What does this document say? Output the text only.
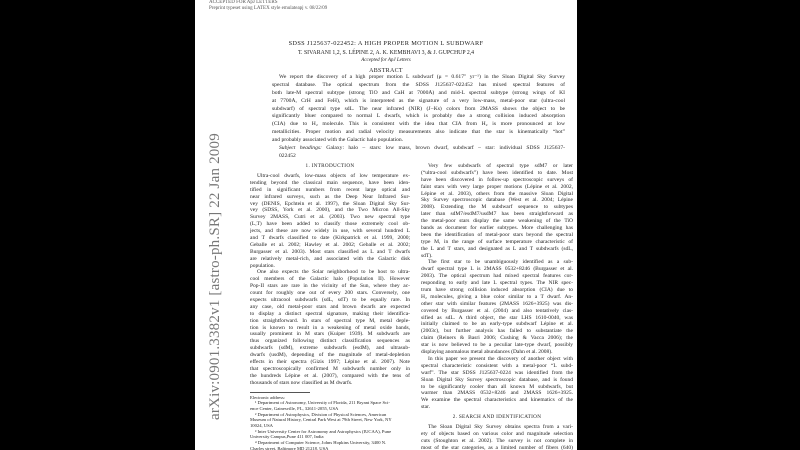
ACCEPTED FOR ApJ LETTERS
Preprint typeset using LATEX style emulateapj v. 08/22/09
arXiv:0901.3382v1 [astro-ph.SR] 22 Jan 2009
SDSS J125637-022452: A HIGH PROPER MOTION L SUBDWARF
T. SIVARANI 1,2, S. LÉPINE 2, A. K. KEMBHAVI 3, & J. GUPCHUP 2,4
Accepted for ApJ Letters
ABSTRACT
We report the discovery of a high proper motion L subdwarf (μ = 0.617″ yr⁻¹) in the Sloan Digital Sky Survey
spectral database. The optical spectrum from the SDSS J125637-022452 has mixed spectral features of
both late-M spectral subtype (strong TiO and CaH at 7000Å) and mid-L spectral subtype (strong wings of KI
at 7700Å, CrH and FeH), which is interpreted as the signature of a very low-mass, metal-poor star (ultra-cool
subdwarf) of spectral type sdL. The near infrared (NIR) (J−Ks) colors from 2MASS shows the object to be
significantly bluer compared to normal L dwarfs, which is probably due a strong collision induced absorption
(CIA) due to H₂ molecule. This is consistent with the idea that CIA from H₂ is more pronounced at low
metallicities. Proper motion and radial velocity measurements also indicate that the star is kinematically “hot”
and probably associated with the Galactic halo population.
Subject headings: Galaxy: halo – stars: low mass, brown dwarf, subdwarf – star: individual SDSS J125637-
022452
1. INTRODUCTION
Ultra-cool dwarfs, low-mass objects of low temperature ex-
tending beyond the classical main sequence, have been iden-
tified in significant numbers from recent large optical and
near infrared surveys, such as the Deep Near Infrared Sur-
vey (DENIS, Epchtein et al. 1997), the Sloan Digital Sky Sur-
vey (SDSS, York et al. 2000), and the Two Micron All-Sky
Survey 2MASS, Cutri et al. (2003). Two new spectral type
(L,T) have been added to classify those extremely cool ob-
jects, and these are now widely in use, with several hundred L
and T dwarfs classified to date (Kirkpatrick et al. 1999, 2000;
Geballe et al. 2002; Hawley et al. 2002; Geballe et al. 2002;
Burgasser et al. 2003). Most stars classified as L and T dwarfs
are relatively metal-rich, and associated with the Galactic disk
population.
One also expects the Solar neighborhood to be host to ultra-
cool members of the Galactic halo (Population II). However
Pop-II stars are rare in the vicinity of the Sun, where they ac-
count for roughly one out of every 200 stars. Conversely, one
expects ultracool subdwarfs (sdL, sdT) to be equally rare. In
any case, old metal-poor stars and brown dwarfs are expected
to display a distinct spectral signature, making their identifica-
tion straightforward. In stars of spectral type M, metal deple-
tion is known to result in a weakening of metal oxide bands,
usually prominent in M stars (Kuiper 1939). M subdwarfs are
thus organized following distinct classification sequences as
subdwarfs (sdM), extreme subdwarfs (esdM), and ultrasub-
dwarfs (usdM), depending of the magnitude of metal-depletion
effects in their spectra (Gizis 1997; Lépine et al. 2007). Note
that spectroscopically confirmed M subdwarfs number only in
the hundreds Lépine et al. (2007), compared with the tens of
thousands of stars now classified as M dwarfs.
Electronic address:
¹ Department of Astronomy, University of Florida, 211 Bryant Space Sci-
ence Center, Gainesville, FL, 32611-2055, USA
² Department of Astrophysics, Division of Physical Sciences, American
Museum of Natural History, Central Park West at 79th Street, New York, NY
10024, USA
³ Inter University Center for Astronomy and Astrophysics (IUCAA), Pune
University Campus,Pune 411 007, India
⁴ Department of Computer Science, Johns Hopkins University, 3400 N.
Charles street, Baltimore MD 21218, USA
Very few subdwarfs of spectral type sdM7 or later
(“ultra-cool subdwarfs”) have been identified to date. Most
have been discovered in follow-up spectroscopic surveys of
faint stars with very large proper motions (Lépine et al. 2002,
Lépine et al. 2003), others from the massive Sloan Digital
Sky Survey spectroscopic database (West et al. 2004; Lépine
2008). Extending the M subdwarf sequence to subtypes
later than sdM7/esdM7/usdM7 has been straightforward as
the metal-poor stars display the same weakening of the TiO
bands as document for earlier subtypes. More challenging has
been the identification of metal-poor stars beyond the spectral
type M, in the range of surface temperature characteristic of
the L and T stars, and designated as L and T subdwarfs (sdL,
sdT).
The first star to be unambiguously identified as a sub-
dwarf spectral type L is 2MASS 0532+8246 (Burgasser et al.
2003). The optical spectrum had mixed spectral features cor-
responding to early and late L spectral types. The NIR spec-
trum have strong collision induced absorption (CIA) due to
H₂ molecules, giving a blue color similar to a T dwarf. An-
other star with similar features (2MASS 1626+3925) was dis-
covered by Burgasser et al. (2004) and also tentatively clas-
sified as sdL. A third object, the star LHS 1610-0040, was
initially claimed to be an early-type subdwarf Lépine et al.
(2003c), but further analysis has failed to substantiate the
claim (Reiners & Basri 2006; Cushing & Vacca 2006); the
star is now believed to be a peculiar late-type dwarf, possibly
displaying anomalous metal abundances (Dahn et al. 2008).
In this paper we present the discovery of another object with
spectral characteristic consistent with a metal-poor “L subd-
warf”. The star SDSS J125637-0224 was identified from the
Sloan Digital Sky Survey spectroscopic database, and is found
to be significantly cooler than all known M subdwarfs, but
warmer than 2MASS 0532+8246 and 2MASS 1626+3925.
We examine the spectral characteristics and kinematics of the
star.
2. SEARCH AND IDENTIFICATION
The Sloan Digital Sky Survey obtains spectra from a vari-
ety of objects based on various color and magnitude selection
cuts (Stoughton et al. 2002). The survey is not complete in
most of the star categories, as a limited number of fibers (640)
